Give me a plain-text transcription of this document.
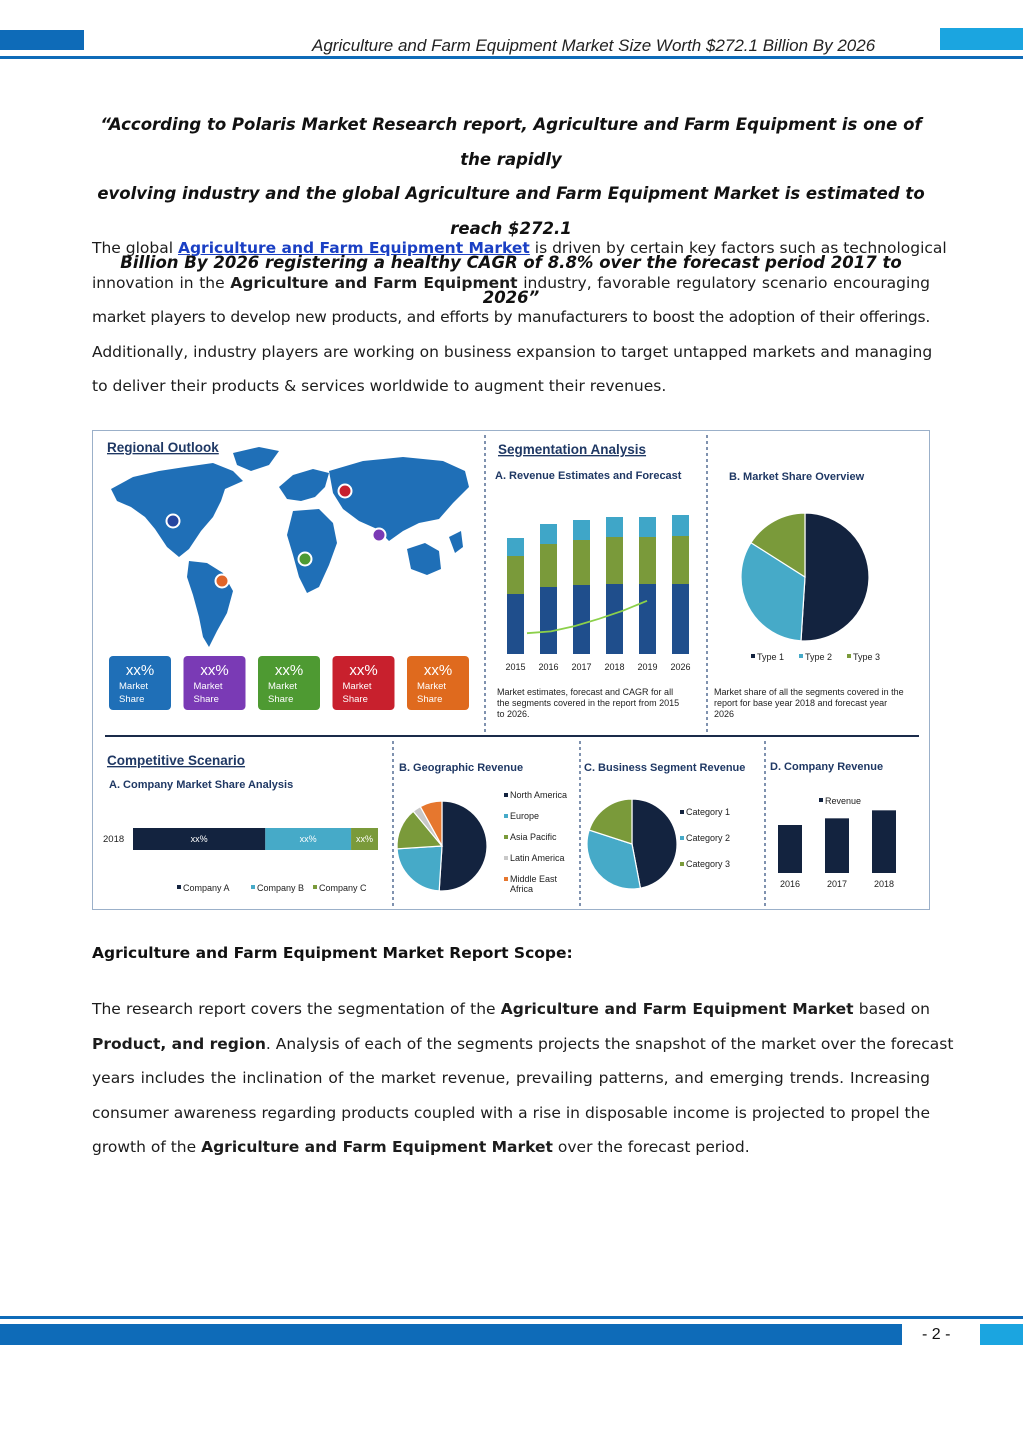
Agriculture and Farm Equipment Market Size Worth $272.1 Billion By 2026
“According to Polaris Market Research report, Agriculture and Farm Equipment is one of the rapidly
evolving industry and the global Agriculture and Farm Equipment Market is estimated to reach $272.1
Billion By 2026 registering a healthy CAGR of 8.8% over the forecast period 2017 to 2026”
The global Agriculture and Farm Equipment Market is driven by certain key factors such as technological
innovation in the Agriculture and Farm Equipment industry, favorable regulatory scenario encouraging
market players to develop new products, and efforts by manufacturers to boost the adoption of their offerings.
Additionally, industry players are working on business expansion to target untapped markets and managing
to deliver their products & services worldwide to augment their revenues.
Regional Outlook
xx%
Market
Share
xx%
Market
Share
xx%
Market
Share
xx%
Market
Share
xx%
Market
Share
Segmentation Analysis
A. Revenue Estimates and Forecast
2015 2016 2017 2018 2019 2026
Market estimates, forecast and CAGR for all
the segments covered in the report from 2015
to 2026.
B. Market Share Overview
Type 1 Type 2 Type 3
Market share of all the segments covered in the
report for base year 2018 and forecast year
2026
Competitive Scenario
A. Company Market Share Analysis
2018	xx%	xx%	xx%
Company A	Company B Company C
B. Geographic Revenue
North America
Europe
Asia Pacific
Latin America
Middle East
Africa
C. Business Segment Revenue
Category 1
Category 2
Category 3
D. Company Revenue
Revenue
2016	2017	2018
Agriculture and Farm Equipment Market Report Scope:
The research report covers the segmentation of the Agriculture and Farm Equipment Market based on
Product, and region. Analysis of each of the segments projects the snapshot of the market over the forecast
years includes the inclination of the market revenue, prevailing patterns, and emerging trends. Increasing
consumer awareness regarding products coupled with a rise in disposable income is projected to propel the
growth of the Agriculture and Farm Equipment Market over the forecast period.
- 2 -
